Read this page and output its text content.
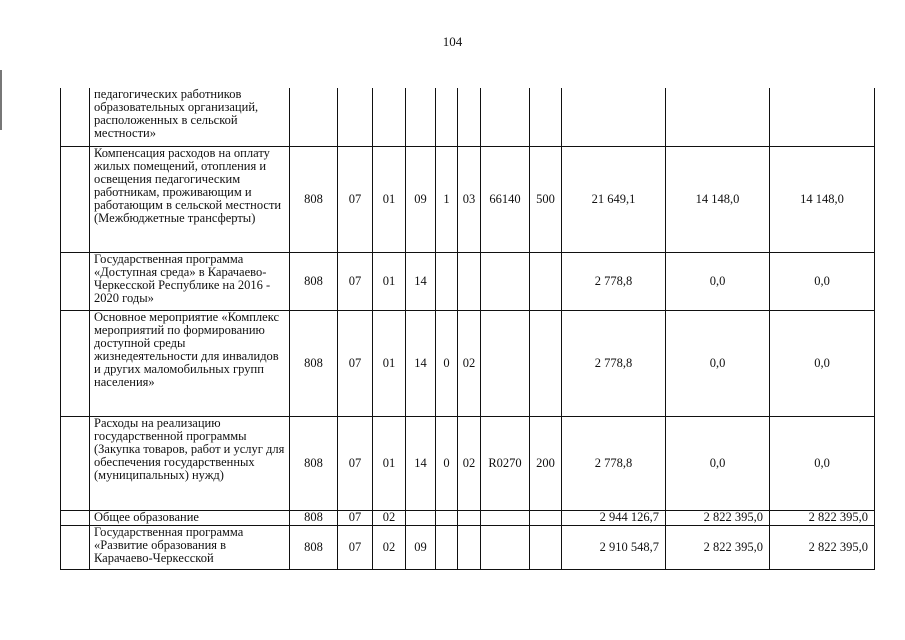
104
	педагогических работников образовательных организаций, расположенных в сельской местности»											
	Компенсация расходов на оплату жилых помещений, отопления и освещения педагогическим работникам, проживающим и работающим в сельской местности (Межбюджетные трансферты)	808	07	01	09	1	03	66140	500	21 649,1	14 148,0	14 148,0
	Государственная программа «Доступная среда» в Карачаево-Черкесской Республике на 2016 - 2020 годы»	808	07	01	14					2 778,8	0,0	0,0
	Основное мероприятие «Комплекс мероприятий по формированию доступной среды жизнедеятельности для инвалидов и других маломобильных групп населения»	808	07	01	14	0	02			2 778,8	0,0	0,0
	Расходы на реализацию государственной программы (Закупка товаров, работ и услуг для обеспечения государственных (муниципальных) нужд)	808	07	01	14	0	02	R0270	200	2 778,8	0,0	0,0
	Общее образование	808	07	02						2 944 126,7	2 822 395,0	2 822 395,0
	Государственная программа «Развитие образования в Карачаево-Черкесской	808	07	02	09					2 910 548,7	2 822 395,0	2 822 395,0
